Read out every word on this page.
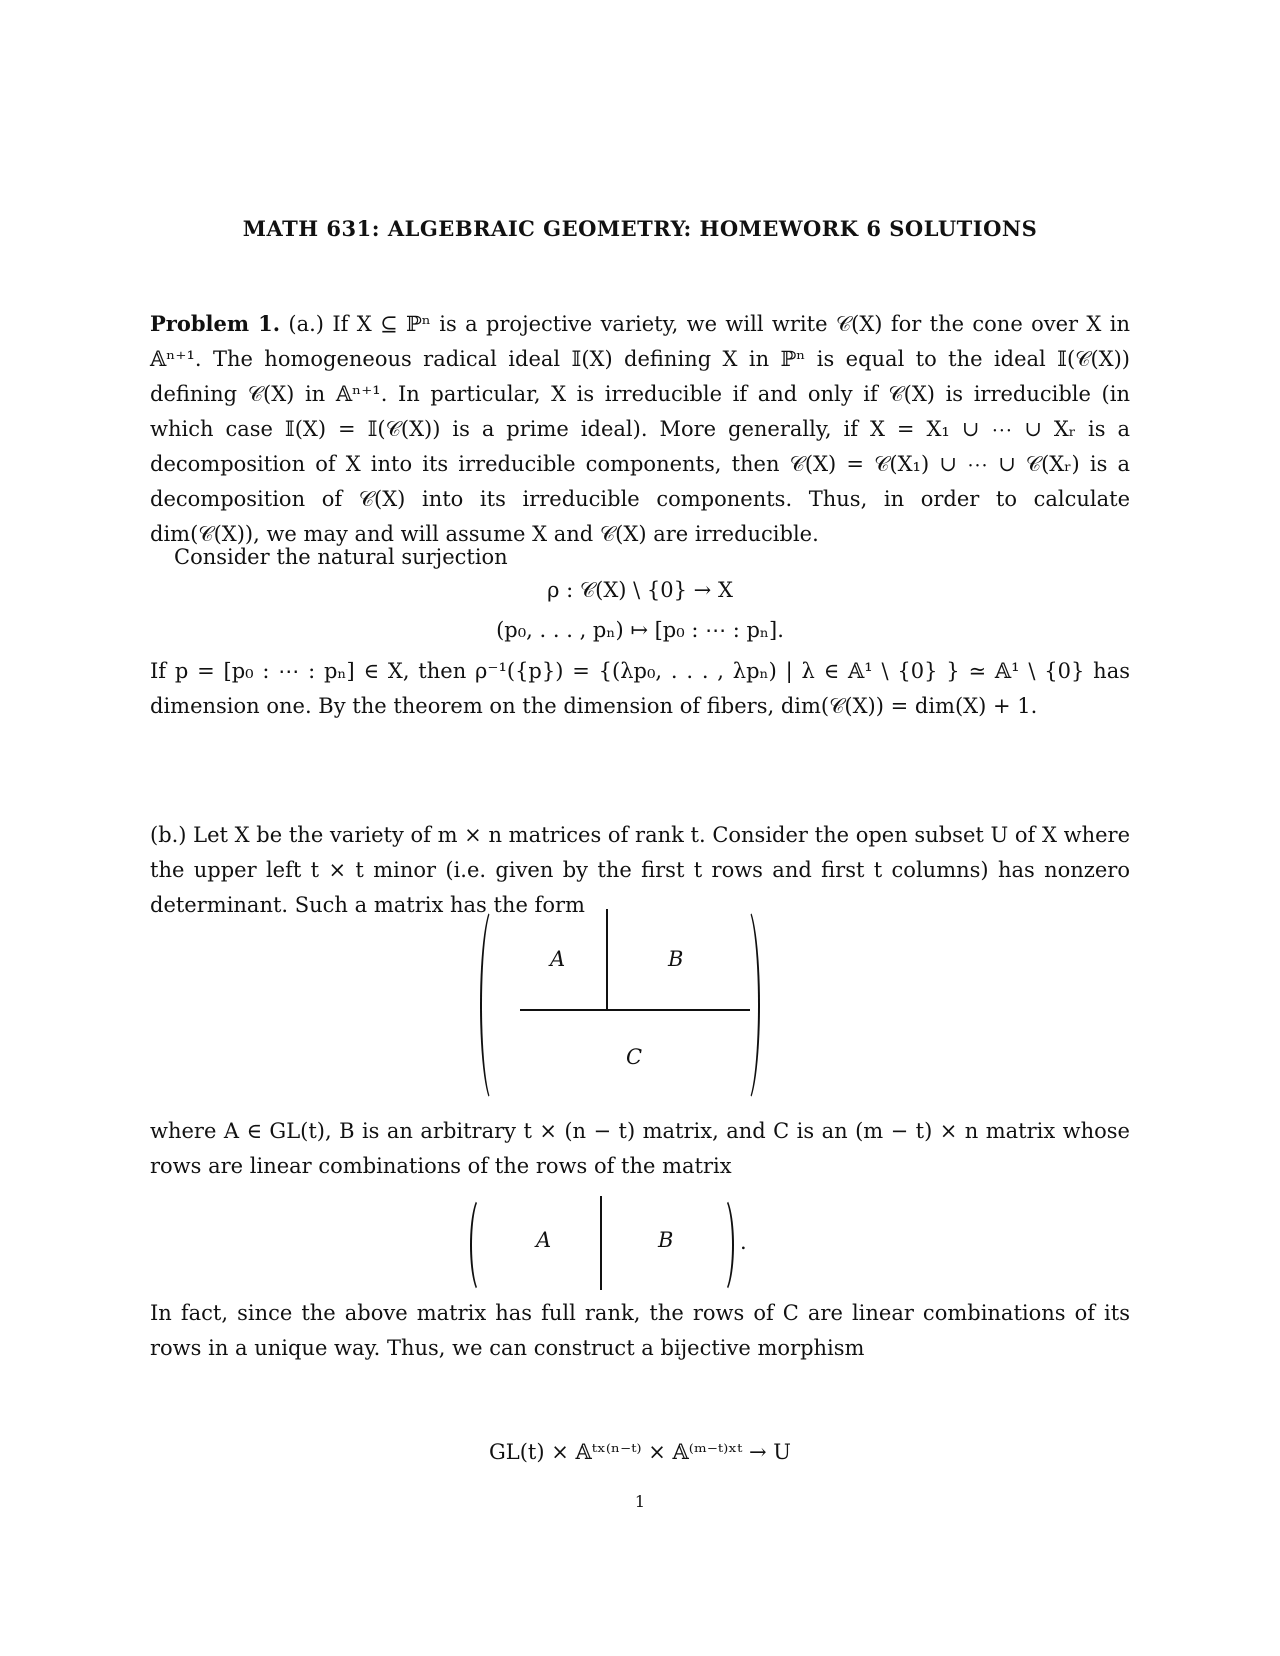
MATH 631: ALGEBRAIC GEOMETRY: HOMEWORK 6 SOLUTIONS

Problem 1. (a.) If X ⊆ ℙⁿ is a projective variety, we will write 𝒞(X) for the cone over X in 𝔸ⁿ⁺¹. The homogeneous radical ideal 𝕀(X) defining X in ℙⁿ is equal to the ideal 𝕀(𝒞(X)) defining 𝒞(X) in 𝔸ⁿ⁺¹. In particular, X is irreducible if and only if 𝒞(X) is irreducible (in which case 𝕀(X) = 𝕀(𝒞(X)) is a prime ideal). More generally, if X = X₁ ∪ ⋯ ∪ Xᵣ is a decomposition of X into its irreducible components, then 𝒞(X) = 𝒞(X₁) ∪ ⋯ ∪ 𝒞(Xᵣ) is a decomposition of 𝒞(X) into its irreducible components. Thus, in order to calculate dim(𝒞(X)), we may and will assume X and 𝒞(X) are irreducible.

Consider the natural surjection

ρ : 𝒞(X) \ {0} → X
(p₀, . . . , pₙ) ↦ [p₀ : ⋯ : pₙ].

If p = [p₀ : ⋯ : pₙ] ∈ X, then ρ⁻¹({p}) = {(λp₀, . . . , λpₙ) | λ ∈ 𝔸¹ \ {0} } ≃ 𝔸¹ \ {0} has dimension one. By the theorem on the dimension of fibers, dim(𝒞(X)) = dim(X) + 1.

(b.) Let X be the variety of m × n matrices of rank t. Consider the open subset U of X where the upper left t × t minor (i.e. given by the first t rows and first t columns) has nonzero determinant. Such a matrix has the form

A	B
C

where A ∈ GL(t), B is an arbitrary t × (n − t) matrix, and C is an (m − t) × n matrix whose rows are linear combinations of the rows of the matrix

A	B	.

In fact, since the above matrix has full rank, the rows of C are linear combinations of its rows in a unique way. Thus, we can construct a bijective morphism

GL(t) × 𝔸ᵗˣ⁽ⁿ⁻ᵗ⁾ × 𝔸⁽ᵐ⁻ᵗ⁾ˣᵗ → U
1
